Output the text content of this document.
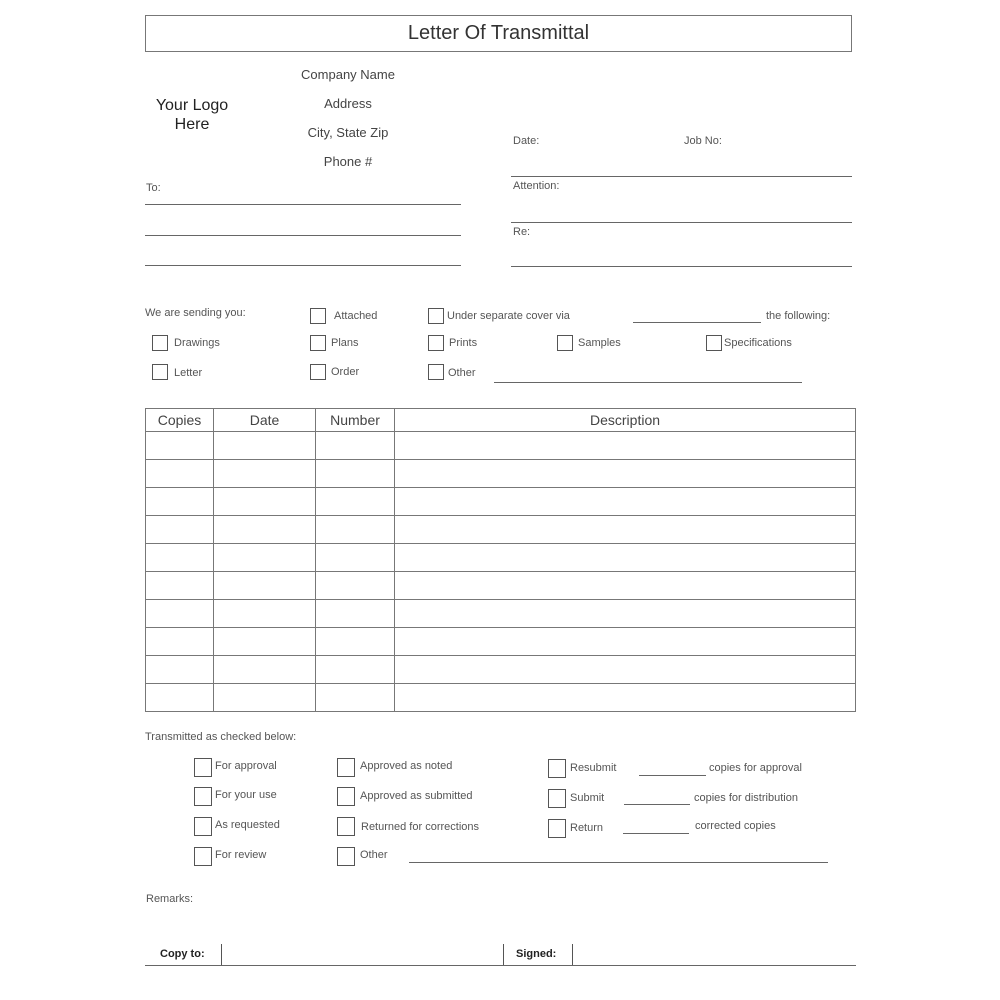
Letter Of Transmittal
Your Logo
Here
Company Name
Address
City, State Zip
Phone #
To:
Date:	Job No:
Attention:
Re:
We are sending you:	Attached	Under separate cover via	the following:
Drawings	Plans	Prints	Samples	Specifications
Letter	Order	Other
Copies	Date	Number	Description

Transmitted as checked below:
For approval
For your use
As requested
For review
Approved as noted
Approved as submitted
Returned for corrections
Other
Resubmit	copies for approval
Submit	copies for distribution
Return	corrected copies
Remarks:
Copy to:	Signed:
